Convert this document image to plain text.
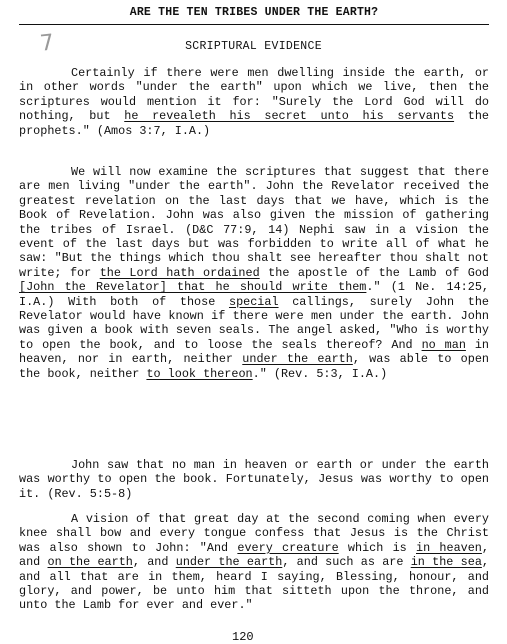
ARE THE TEN TRIBES UNDER THE EARTH?
7	SCRIPTURAL EVIDENCE
Certainly if there were men dwelling inside the earth, or in other words "under the earth" upon which we live, then the scriptures would mention it for: "Surely the Lord God will do nothing, but he revealeth his secret unto his servants the prophets." (Amos 3:7, I.A.)
We will now examine the scriptures that suggest that there are men living "under the earth". John the Revelator received the greatest revelation on the last days that we have, which is the Book of Revelation. John was also given the mission of gathering the tribes of Israel. (D&C 77:9, 14) Nephi saw in a vision the event of the last days but was forbidden to write all of what he saw: "But the things which thou shalt see hereafter thou shalt not write; for the Lord hath ordained the apostle of the Lamb of God [John the Revelator] that he should write them." (1 Ne. 14:25, I.A.) With both of those special callings, surely John the Revelator would have known if there were men under the earth. John was given a book with seven seals. The angel asked, "Who is worthy to open the book, and to loose the seals thereof? And no man in heaven, nor in earth, neither under the earth, was able to open the book, neither to look thereon." (Rev. 5:3, I.A.)
John saw that no man in heaven or earth or under the earth was worthy to open the book. Fortunately, Jesus was worthy to open it. (Rev. 5:5-8)
A vision of that great day at the second coming when every knee shall bow and every tongue confess that Jesus is the Christ was also shown to John: "And every creature which is in heaven, and on the earth, and under the earth, and such as are in the sea, and all that are in them, heard I saying, Blessing, honour, and glory, and power, be unto him that sitteth upon the throne, and unto the Lamb for ever and ever."
120
